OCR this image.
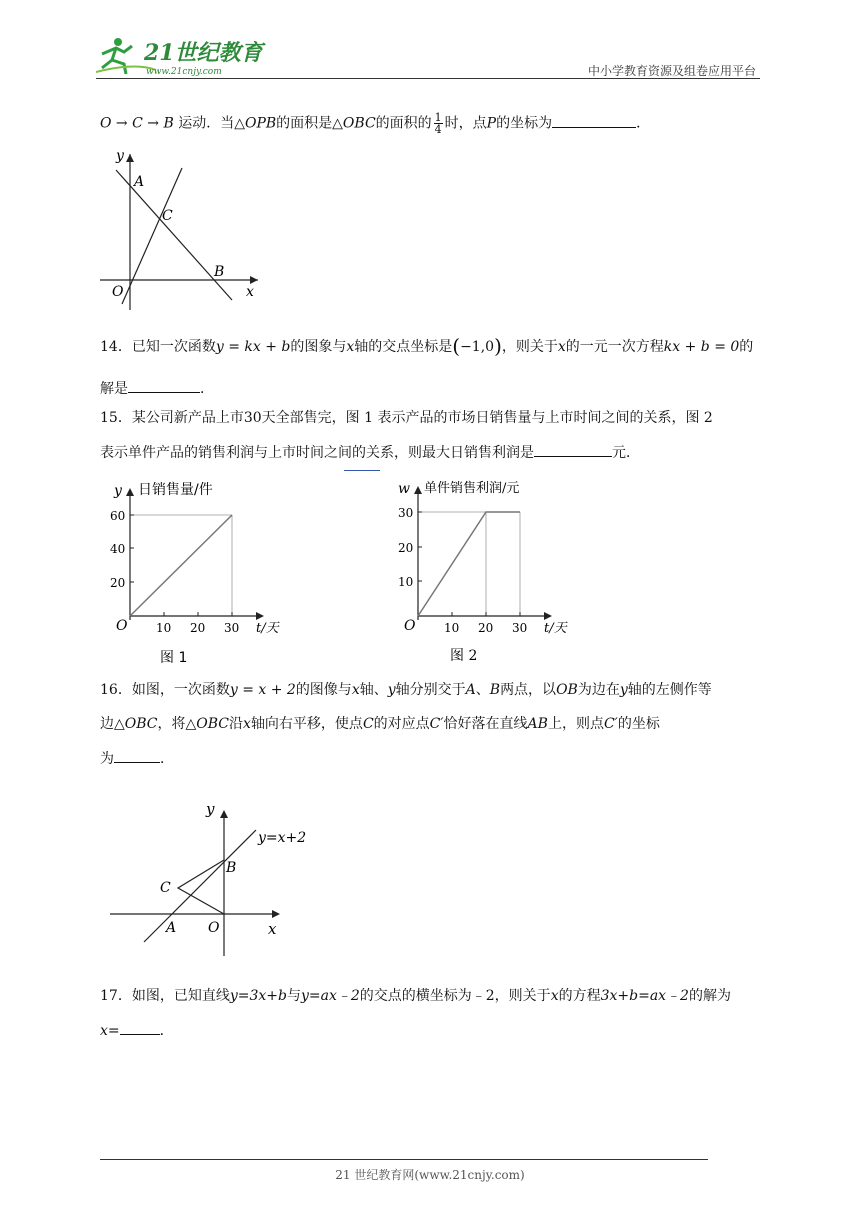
21世纪教育
www.21cnjy.com	中小学教育资源及组卷应用平台
O → C → B 运动．当△OPB的面积是△OBC的面积的 $\frac{1}{4}$ 时，点P的坐标为	．
y
x
A
C
B
O
14．已知一次函数y = kx + b的图象与x轴的交点坐标是(−1,0)，则关于x的一元一次方程kx + b = 0的
解是	．
15．某公司新产品上市30天全部售完，图 1 表示产品的市场日销售量与上市时间之间的关系，图 2
表示单件产品的销售利润与上市时间之间的关系，则最大日销售利润是	元．
y 日销售量/件
60
40
20
O 10 20 30 t/天
图 1
w 单件销售利润/元
30
20
10
O 10 20 30 t/天
图 2
16．如图，一次函数y = x + 2的图像与x轴、y轴分别交于A、B两点，以OB为边在y轴的左侧作等
边△OBC，将△OBC沿x轴向右平移，使点C的对应点C′恰好落在直线AB上，则点C′的坐标
为	．
y
y=x+2
B
C
A O	x
17．如图，已知直线y=3x+b与y=ax﹣2的交点的横坐标为﹣2，则关于x的方程3x+b=ax﹣2的解为
x=	．
21 世纪教育网(www.21cnjy.com)
